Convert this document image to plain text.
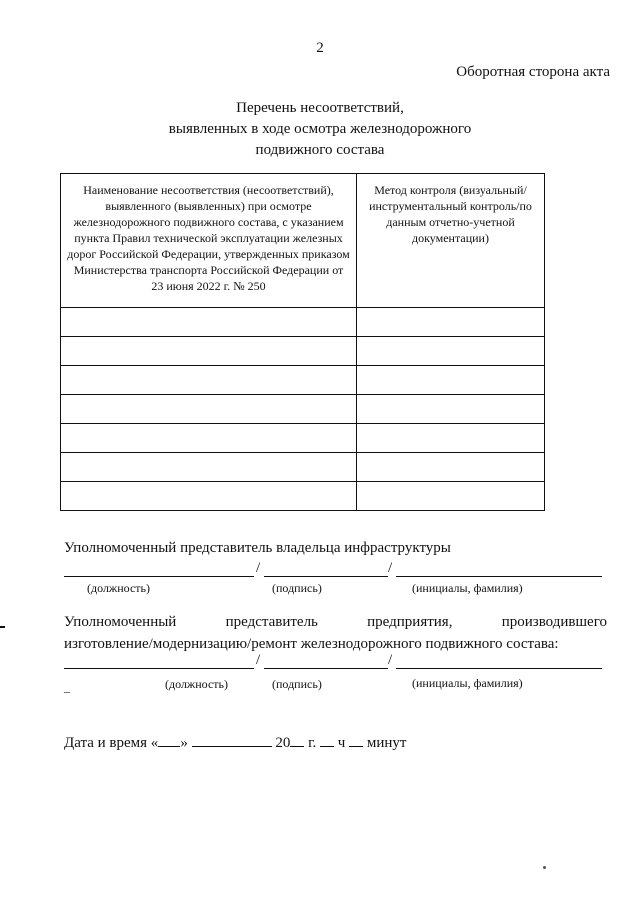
2
Оборотная сторона акта
Перечень несоответствий,
выявленных в ходе осмотра железнодорожного
подвижного состава
Наименование несоответствия (несоответствий), выявленного (выявленных) при осмотре железнодорожного подвижного состава, с указанием пункта Правил технической эксплуатации железных дорог Российской Федерации, утвержденных приказом Министерства транспорта Российской Федерации от 23 июня 2022 г. № 250	Метод контроля (визуальный/инструментальный контроль/по данным отчетно-учетной документации)

Уполномоченный представитель владельца инфраструктуры
/	/
(должность)	(подпись)	(инициалы, фамилия)
Уполномоченный	представитель	предприятия,	производившего
изготовление/модернизацию/ремонт железнодорожного подвижного состава:
/	/
_	(должность)	(подпись)	(инициалы, фамилия)
Дата и время « »	20 г. ч минут
